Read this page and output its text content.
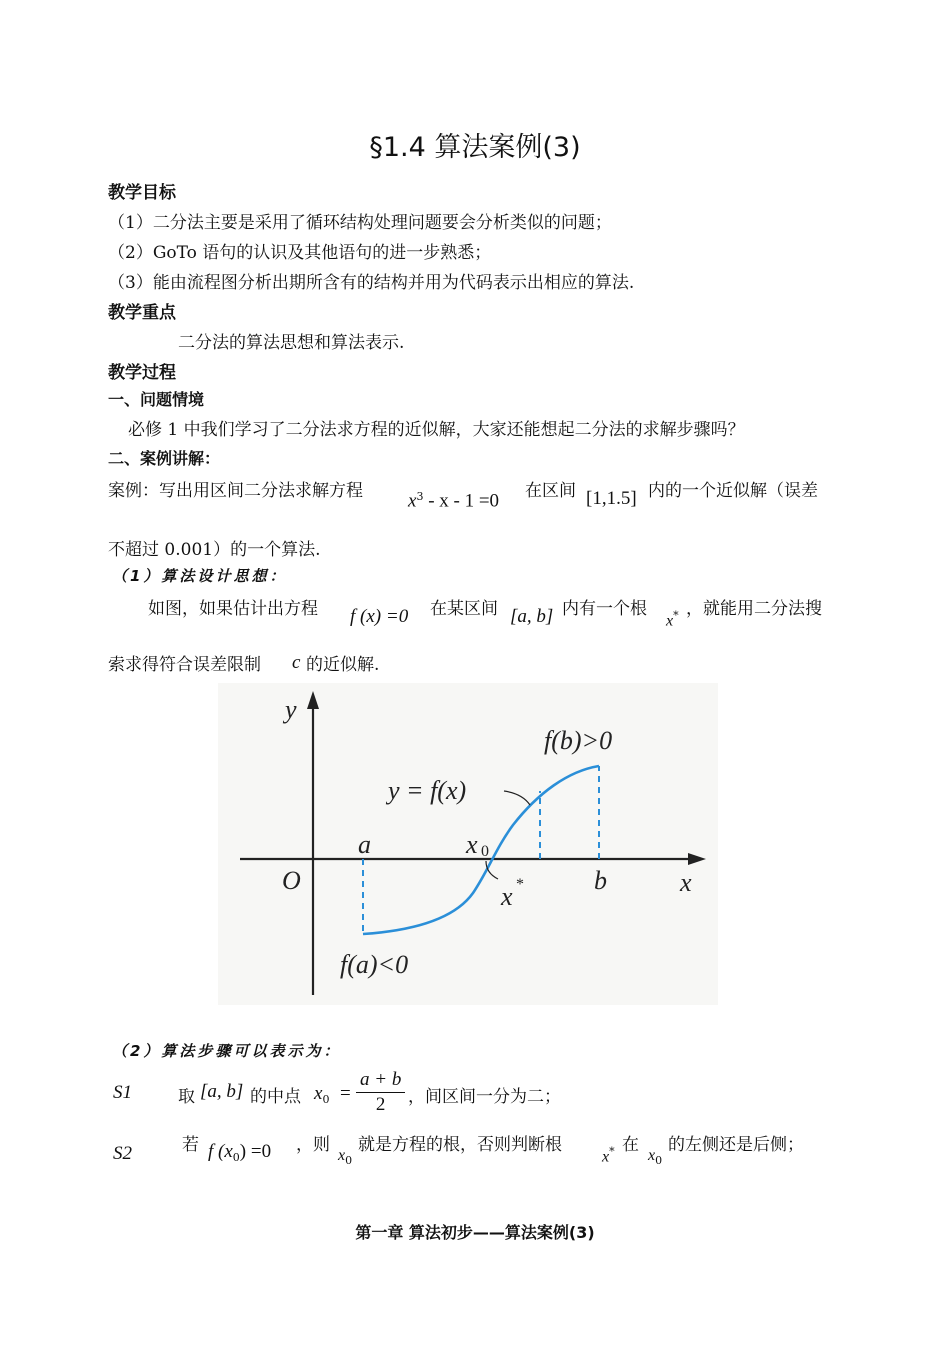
§1.4 算法案例(3)
教学目标
（1）二分法主要是采用了循环结构处理问题要会分析类似的问题；
（2）GoTo 语句的认识及其他语句的进一步熟悉；
（3）能由流程图分析出期所含有的结构并用为代码表示出相应的算法.
教学重点
二分法的算法思想和算法表示.
教学过程
一、问题情境
必修 1 中我们学习了二分法求方程的近似解，大家还能想起二分法的求解步骤吗？
二、案例讲解：
案例：写出用区间二分法求解方程 $x^3 - x - 1 =0$ 在区间 [1,1.5] 内的一个近似解（误差
不超过 0.001）的一个算法.
（1）算法设计思想：
如图，如果估计出方程 f (x) =0 在某区间 [a, b] 内有一个根
x* ，就能用二分法搜
索求得符合误差限制 c 的近似解.
y
x
O
a
b
x 0
x *
y = f(x)
f(b)>0
f(a)<0
（2）算法步骤可以表示为：
S1	取 [a, b] 的中点 $x_0 = \frac{a + b}{2}$ ，间区间一分为二；
S2	若 f $(x_0) =0$ ，则
$x_0$
就是方程的根，否则判断根
x* 在
$x_0$
的左侧还是后侧；
第一章 算法初步——算法案例(3)
